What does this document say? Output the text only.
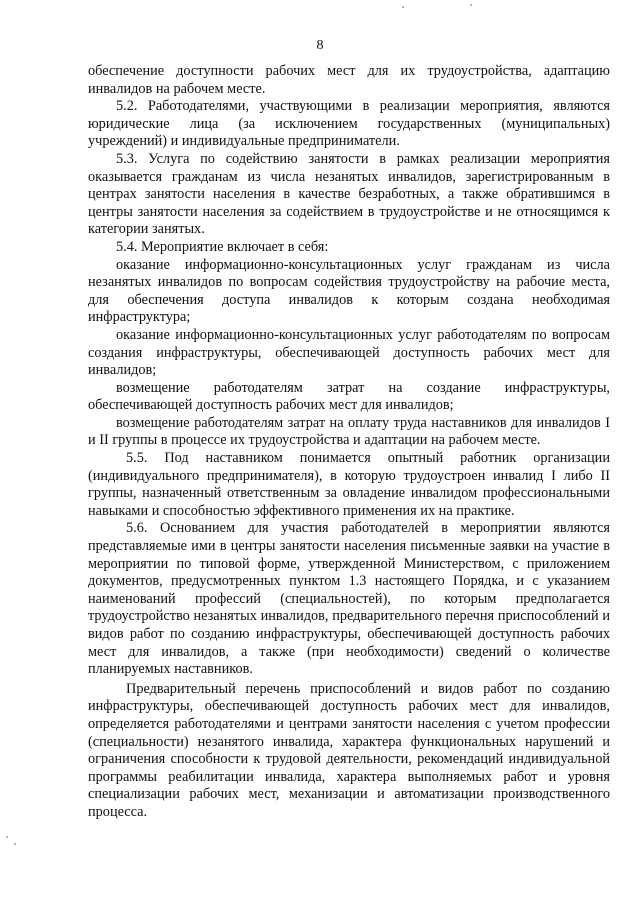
8

обеспечение доступности рабочих мест для их трудоустройства, адаптацию инвалидов на рабочем месте.

5.2. Работодателями, участвующими в реализации мероприятия, являются юридические лица (за исключением государственных (муниципальных) учреждений) и индивидуальные предприниматели.

5.3. Услуга по содействию занятости в рамках реализации мероприятия оказывается гражданам из числа незанятых инвалидов, зарегистрированным в центрах занятости населения в качестве безработных, а также обратившимся в центры занятости населения за содействием в трудоустройстве и не относящимся к категории занятых.

5.4. Мероприятие включает в себя:

оказание информационно-консультационных услуг гражданам из числа незанятых инвалидов по вопросам содействия трудоустройству на рабочие места, для обеспечения доступа инвалидов к которым создана необходимая инфраструктура;

оказание информационно-консультационных услуг работодателям по вопросам создания инфраструктуры, обеспечивающей доступность рабочих мест для инвалидов;

возмещение работодателям затрат на создание инфраструктуры, обеспечивающей доступность рабочих мест для инвалидов;

возмещение работодателям затрат на оплату труда наставников для инвалидов I и II группы в процессе их трудоустройства и адаптации на рабочем месте.

5.5. Под наставником понимается опытный работник организации (индивидуального предпринимателя), в которую трудоустроен инвалид I либо II группы, назначенный ответственным за овладение инвалидом профессиональными навыками и способностью эффективного применения их на практике.

5.6. Основанием для участия работодателей в мероприятии являются представляемые ими в центры занятости населения письменные заявки на участие в мероприятии по типовой форме, утвержденной Министерством, с приложением документов, предусмотренных пунктом 1.3 настоящего Порядка, и с указанием наименований профессий (специальностей), по которым предполагается трудоустройство незанятых инвалидов, предварительного перечня приспособлений и видов работ по созданию инфраструктуры, обеспечивающей доступность рабочих мест для инвалидов, а также (при необходимости) сведений о количестве планируемых наставников.

Предварительный перечень приспособлений и видов работ по созданию инфраструктуры, обеспечивающей доступность рабочих мест для инвалидов, определяется работодателями и центрами занятости населения с учетом профессии (специальности) незанятого инвалида, характера функциональных нарушений и ограничения способности к трудовой деятельности, рекомендаций индивидуальной программы реабилитации инвалида, характера выполняемых работ и уровня специализации рабочих мест, механизации и автоматизации производственного процесса.
